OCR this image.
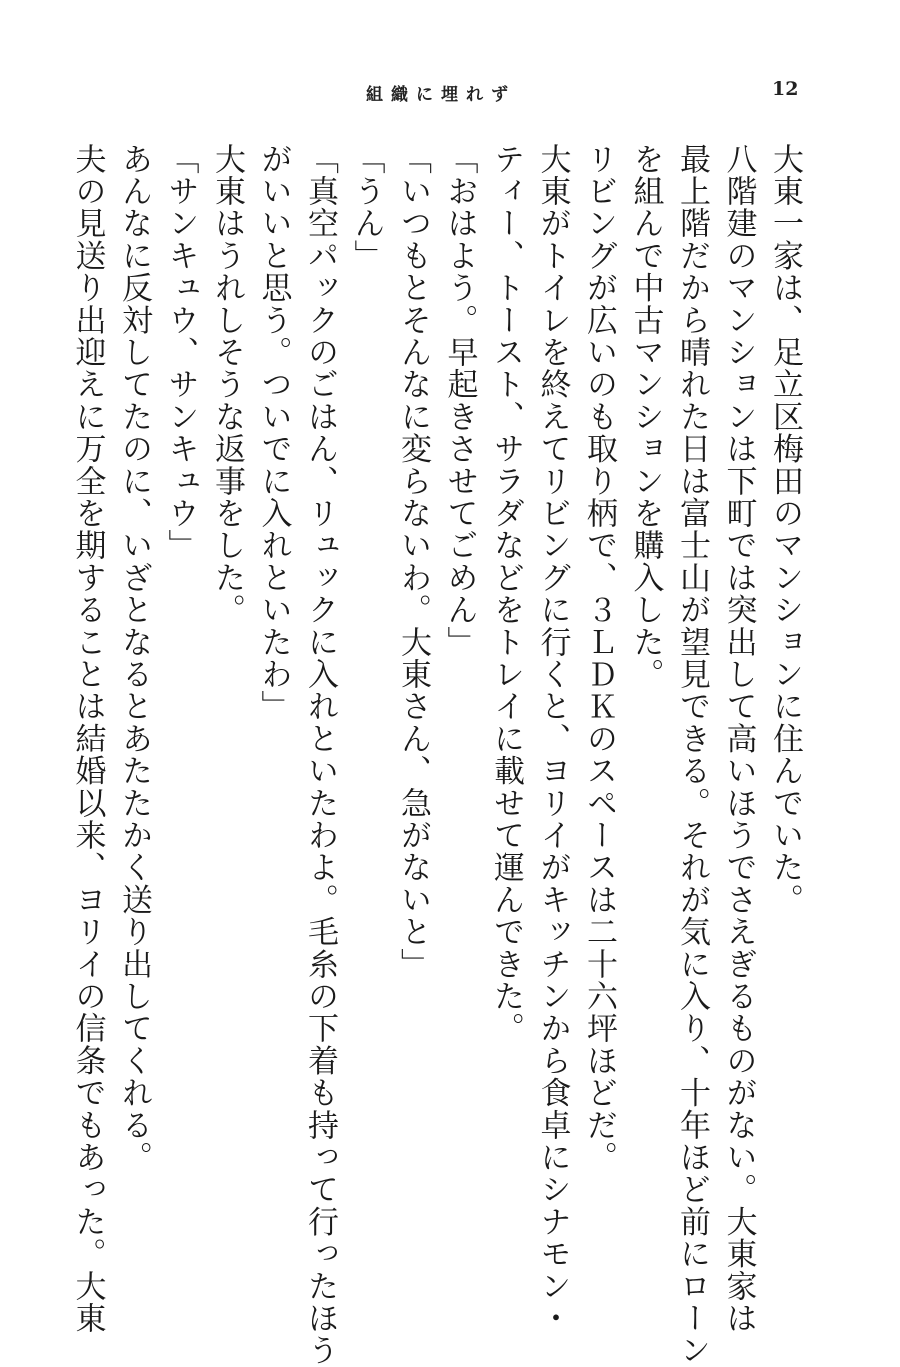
組織に埋れず	12
大東一家は、足立区梅田のマンションに住んでいた。
八階建のマンションは下町では突出して高いほうでさえぎるものがない。大東家は
最上階だから晴れた日は富士山が望見できる。それが気に入り、十年ほど前にローン
を組んで中古マンションを購入した。
リビングが広いのも取り柄で、３ＬＤＫのスペースは二十六坪ほどだ。
大東がトイレを終えてリビングに行くと、ヨリイがキッチンから食卓にシナモン・
ティー、トースト、サラダなどをトレイに載せて運んできた。
「おはよう。早起きさせてごめん」
「いつもとそんなに変らないわ。大東さん、急がないと」
「うん」
「真空パックのごはん、リュックに入れといたわよ。毛糸の下着も持って行ったほう
がいいと思う。ついでに入れといたわ」
大東はうれしそうな返事をした。
「サンキュウ、サンキュウ」
あんなに反対してたのに、いざとなるとあたたかく送り出してくれる。
夫の見送り出迎えに万全を期することは結婚以来、ヨリイの信条でもあった。大東
